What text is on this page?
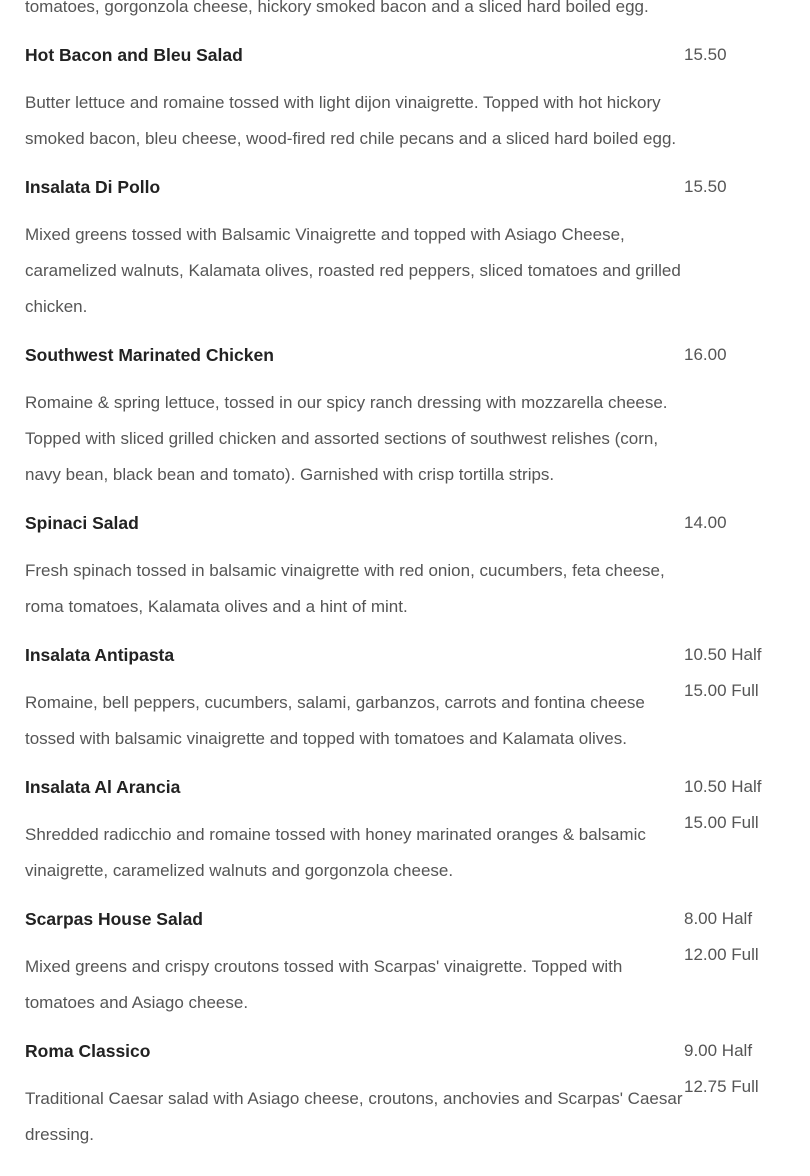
tomatoes, gorgonzola cheese, hickory smoked bacon and a sliced hard boiled egg.

Hot Bacon and Bleu Salad

Butter lettuce and romaine tossed with light dijon vinaigrette. Topped with hot hickory smoked bacon, bleu cheese, wood-fired red chile pecans and a sliced hard boiled egg.

15.50
Insalata Di Pollo

Mixed greens tossed with Balsamic Vinaigrette and topped with Asiago Cheese, caramelized walnuts, Kalamata olives, roasted red peppers, sliced tomatoes and grilled chicken.

15.50
Southwest Marinated Chicken

Romaine & spring lettuce, tossed in our spicy ranch dressing with mozzarella cheese. Topped with sliced grilled chicken and assorted sections of southwest relishes (corn, navy bean, black bean and tomato). Garnished with crisp tortilla strips.

16.00
Spinaci Salad

Fresh spinach tossed in balsamic vinaigrette with red onion, cucumbers, feta cheese, roma tomatoes, Kalamata olives and a hint of mint.

14.00
Insalata Antipasta

Romaine, bell peppers, cucumbers, salami, garbanzos, carrots and fontina cheese tossed with balsamic vinaigrette and topped with tomatoes and Kalamata olives.

10.50 Half
15.00 Full
Insalata Al Arancia

Shredded radicchio and romaine tossed with honey marinated oranges & balsamic vinaigrette, caramelized walnuts and gorgonzola cheese.

10.50 Half
15.00 Full
Scarpas House Salad

Mixed greens and crispy croutons tossed with Scarpas' vinaigrette. Topped with tomatoes and Asiago cheese.

8.00 Half
12.00 Full
Roma Classico

Traditional Caesar salad with Asiago cheese, croutons, anchovies and Scarpas' Caesar dressing.

9.00 Half
12.75 Full
